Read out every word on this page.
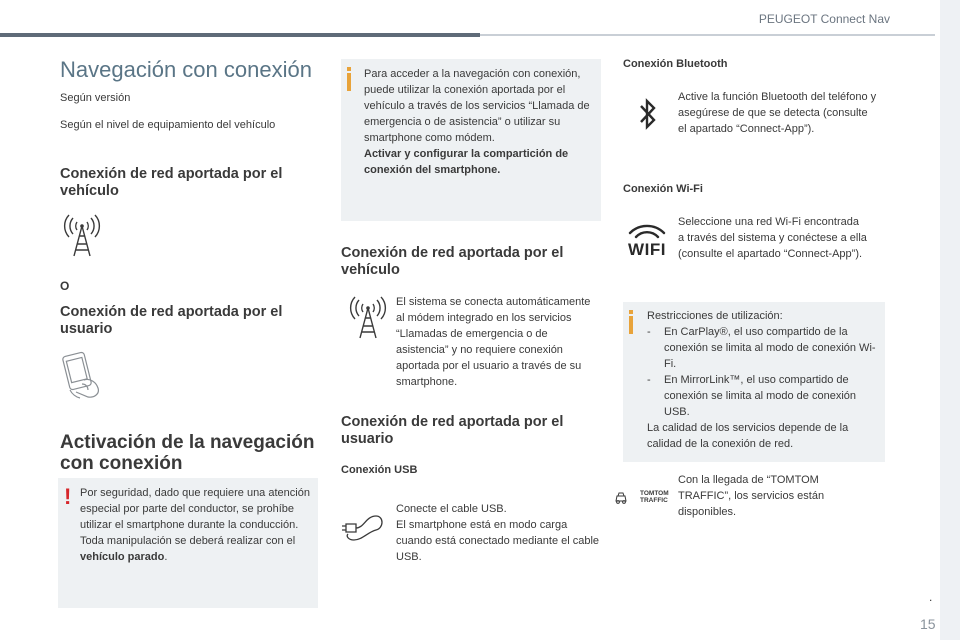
PEUGEOT Connect Nav
.
15
Navegación con conexión
Según versión
Según el nivel de equipamiento del vehículo
Conexión de red aportada por el vehículo
O
Conexión de red aportada por el usuario
Activación de la navegación con conexión
! Por seguridad, dado que requiere una atención especial por parte del conductor, se prohíbe utilizar el smartphone durante la conducción.
Toda manipulación se deberá realizar con el vehículo parado.
Para acceder a la navegación con conexión, puede utilizar la conexión aportada por el vehículo a través de los servicios “Llamada de emergencia o de asistencia” o utilizar su smartphone como módem.
Activar y configurar la compartición de conexión del smartphone.
Conexión de red aportada por el vehículo
El sistema se conecta automáticamente al módem integrado en los servicios “Llamadas de emergencia o de asistencia” y no requiere conexión aportada por el usuario a través de su smartphone.
Conexión de red aportada por el usuario
Conexión USB
Conecte el cable USB.
El smartphone está en modo carga cuando está conectado mediante el cable USB.
Conexión Bluetooth
Active la función Bluetooth del teléfono y asegúrese de que se detecta (consulte el apartado “Connect-App”).
Conexión Wi-Fi
WIFI
Seleccione una red Wi-Fi encontrada a través del sistema y conéctese a ella (consulte el apartado “Connect-App”).
Restricciones de utilización:
-	En CarPlay®, el uso compartido de la conexión se limita al modo de conexión Wi-Fi.
-	En MirrorLink™, el uso compartido de conexión se limita al modo de conexión USB.
La calidad de los servicios depende de la calidad de la conexión de red.
TOMTOM
TRAFFIC
Con la llegada de “TOMTOM TRAFFIC”, los servicios están disponibles.
